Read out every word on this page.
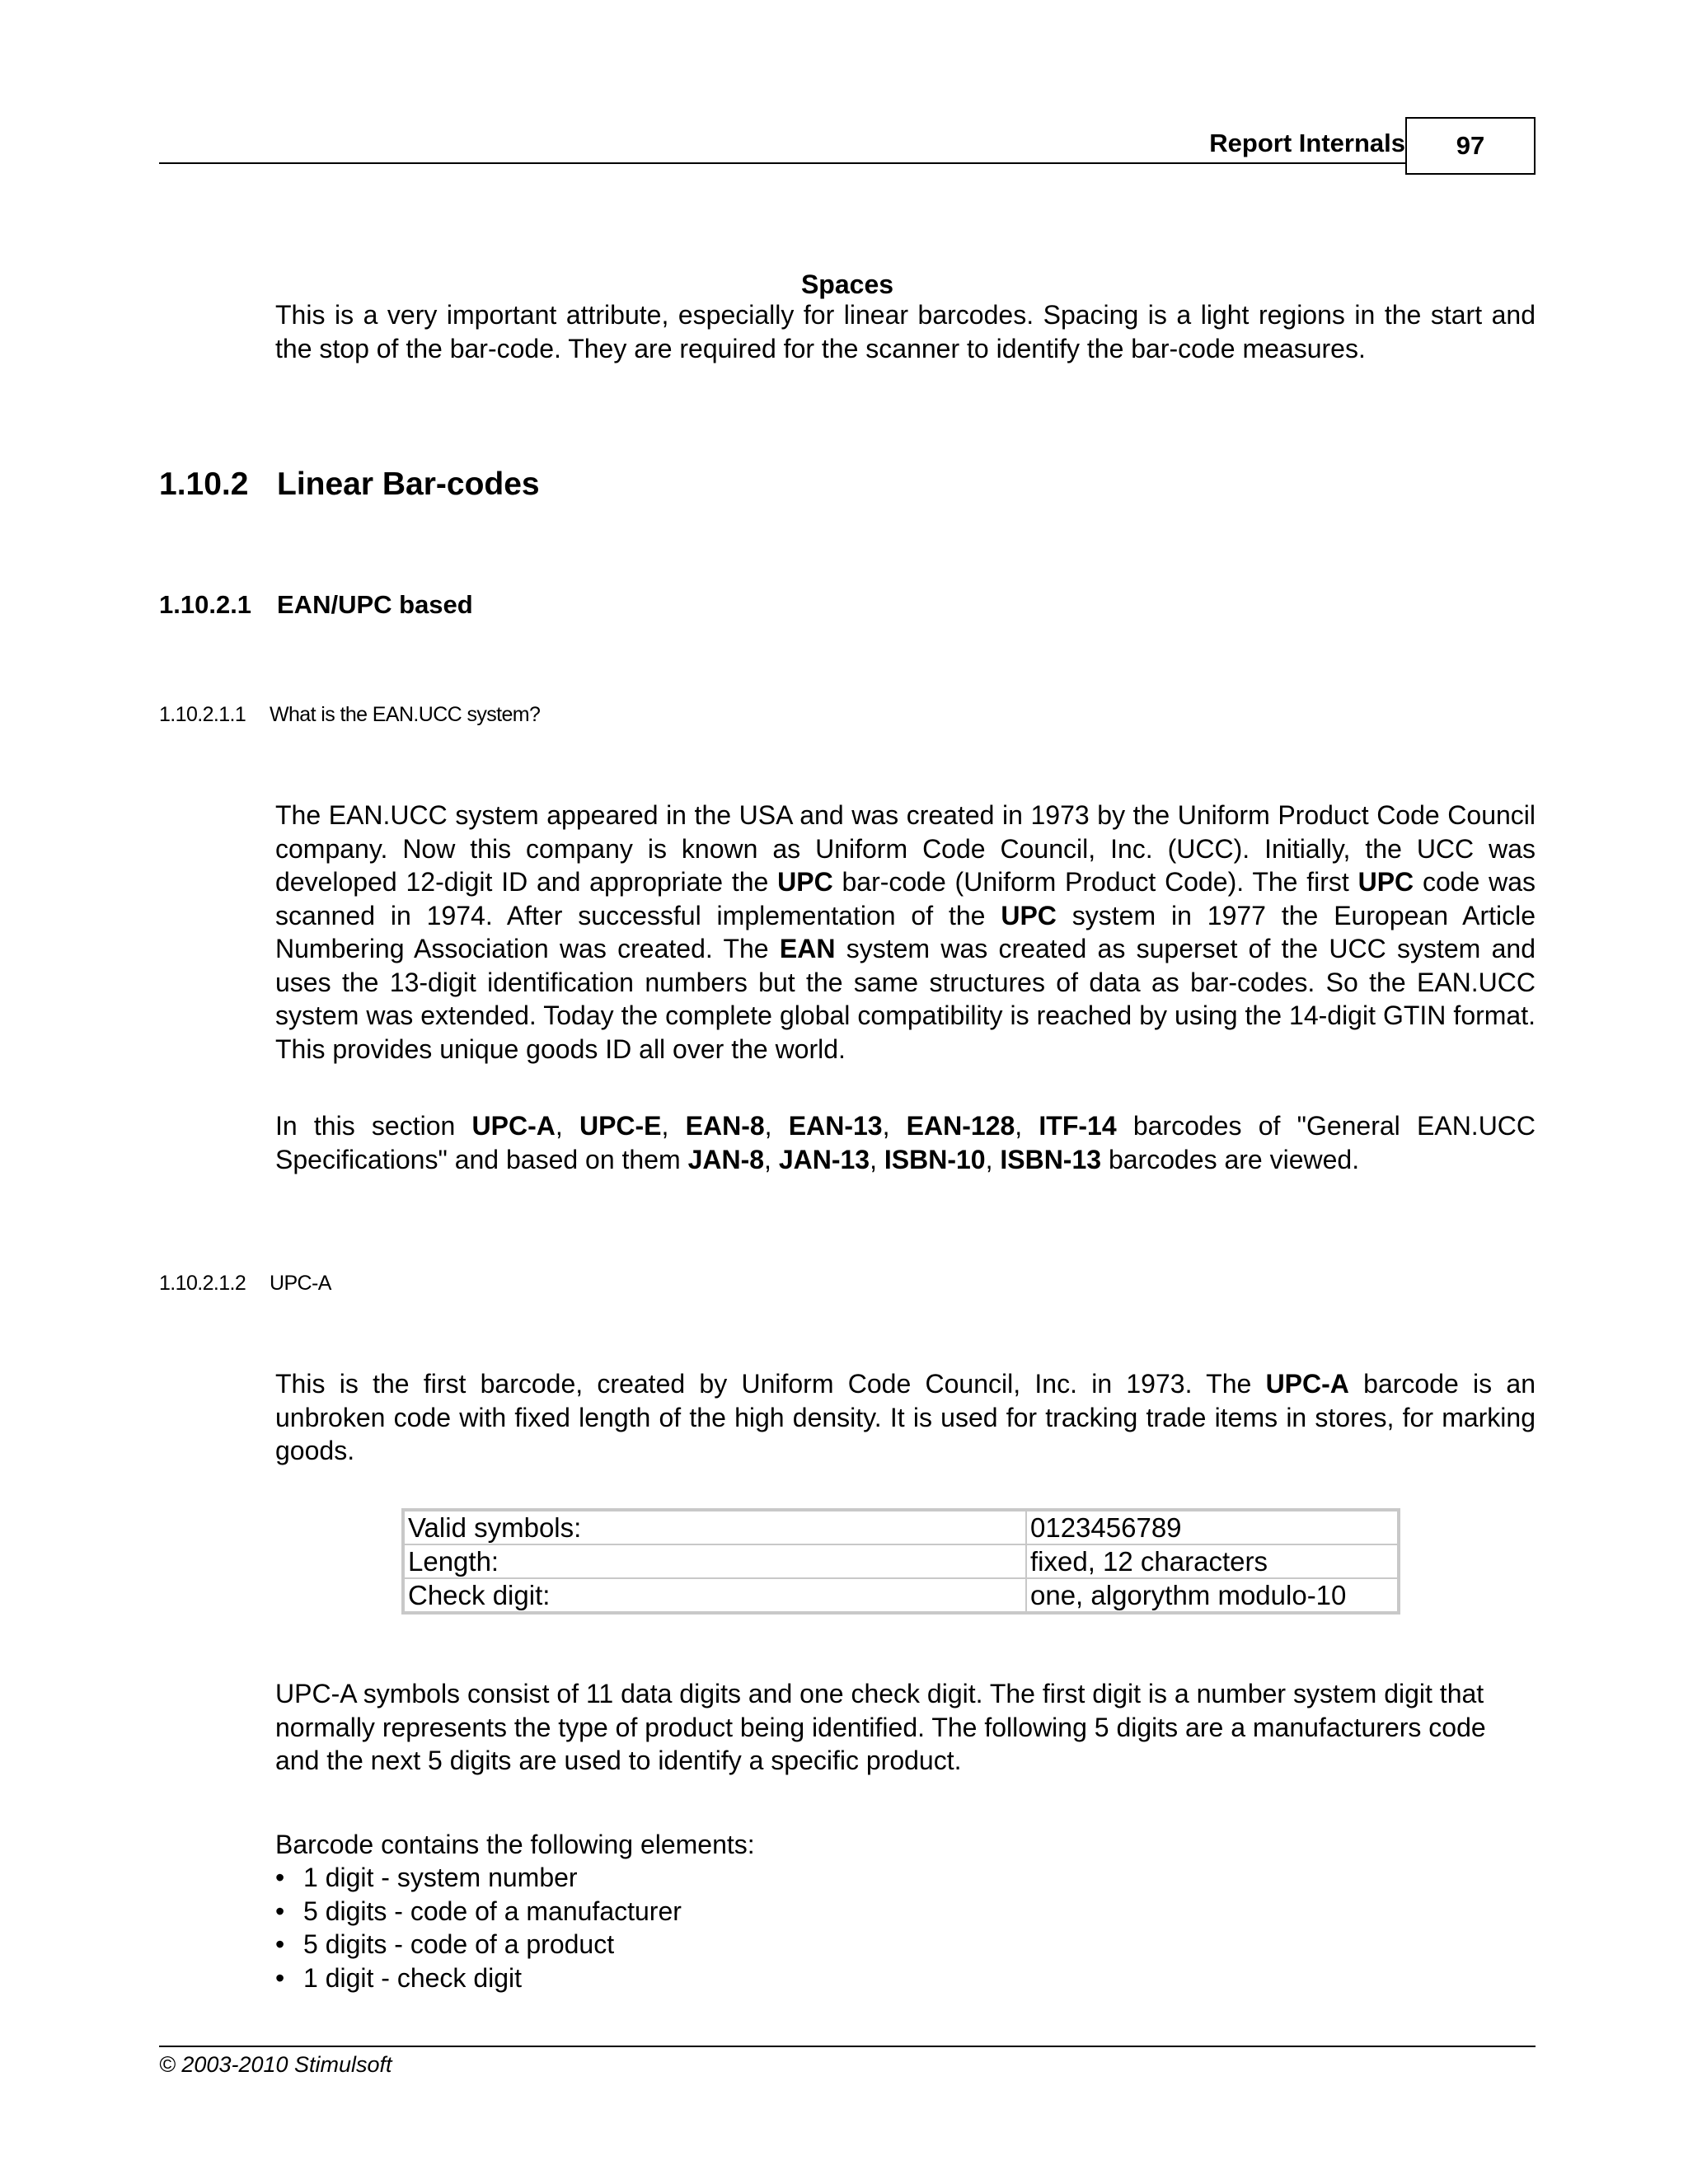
Report Internals	97
Spaces
This is a very important attribute, especially for linear barcodes. Spacing is a light regions in the start and the stop of the bar-code. They are required for the scanner to identify the bar-code measures.
1.10.2 Linear Bar-codes
1.10.2.1 EAN/UPC based
1.10.2.1.1 What is the EAN.UCC system?
The EAN.UCC system appeared in the USA and was created in 1973 by the Uniform Product Code Council company. Now this company is known as Uniform Code Council, Inc. (UCC). Initially, the UCC was developed 12-digit ID and appropriate the UPC bar-code (Uniform Product Code). The first UPC code was scanned in 1974. After successful implementation of the UPC system in 1977 the European Article Numbering Association was created. The EAN system was created as superset of the UCC system and uses the 13-digit identification numbers but the same structures of data as bar-codes. So the EAN.UCC system was extended. Today the complete global compatibility is reached by using the 14-digit GTIN format. This provides unique goods ID all over the world.
In this section UPC-A, UPC-E, EAN-8, EAN-13, EAN-128, ITF-14 barcodes of "General EAN.UCC Specifications" and based on them JAN-8, JAN-13, ISBN-10, ISBN-13 barcodes are viewed.
1.10.2.1.2 UPC-A
This is the first barcode, created by Uniform Code Council, Inc. in 1973. The UPC-A barcode is an unbroken code with fixed length of the high density. It is used for tracking trade items in stores, for marking goods.
Valid symbols:	0123456789
Length:	fixed, 12 characters
Check digit:	one, algorythm modulo-10
UPC-A symbols consist of 11 data digits and one check digit. The first digit is a number system digit that normally represents the type of product being identified. The following 5 digits are a manufacturers code and the next 5 digits are used to identify a specific product.
Barcode contains the following elements:
• 1 digit - system number
• 5 digits - code of a manufacturer
• 5 digits - code of a product
• 1 digit - check digit
© 2003-2010 Stimulsoft
